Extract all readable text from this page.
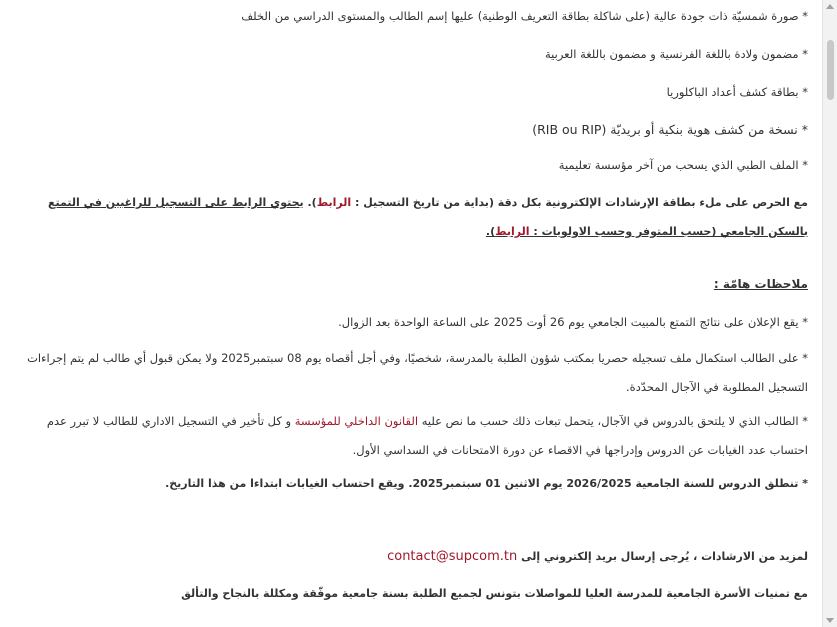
* صورة شمسيّة ذات جودة عالية (على شاكلة بطاقة التعريف الوطنية) عليها إسم الطالب والمستوى الدراسي من الخلف
* مضمون ولادة باللغة الفرنسية و مضمون باللغة العربية
* بطاقة كشف أعداد الباكلوريا
* نسخة من كشف هوية بنكية أو بريديّة (RIB ou RIP)
* الملف الطبي الذي يسحب من آخر مؤسسة تعليمية
مع الحرص على ملء بطاقة الإرشادات الإلكترونية بكل دقة (بداية من تاريخ التسجيل : الرابط). يحتوي الرابط على التسجيل للراغبين في التمتع بالسكن الجامعي (حسب المتوفر وحسب الاولويات : الرابط).
ملاحظات هامّة :
* يقع الإعلان على نتائج التمتع بالمبيت الجامعي يوم 26 أوت 2025 على الساعة الواحدة بعد الزوال.
* على الطالب استكمال ملف تسجيله حصريا بمكتب شؤون الطلبة بالمدرسة، شخصيًا، وفي أجل أقصاه يوم 08 سبتمبر2025 ولا يمكن قبول أي طالب لم يتم إجراءات التسجيل المطلوبة في الآجال المحدّدة.
* الطالب الذي لا يلتحق بالدروس في الآجال، يتحمل تبعات ذلك حسب ما نص عليه القانون الداخلي للمؤسسة و كل تأخير في التسجيل الاداري للطالب لا تبرر عدم احتساب عدد الغيابات عن الدروس وإدراجها في الاقصاء عن دورة الامتحانات في السداسي الأول.
* تنطلق الدروس للسنة الجامعية 2026/2025 يوم الاثنين 01 سبتمبر2025. ويقع احتساب الغيابات ابتداءا من هذا التاريخ.
لمزيد من الارشادات ، يُرجى إرسال بريد إلكتروني إلى contact@supcom.tn
مع تمنيات الأسرة الجامعية للمدرسة العليا للمواصلات بتونس لجميع الطلبة بسنة جامعية موفّقة ومكللة بالنجاح والتألق
